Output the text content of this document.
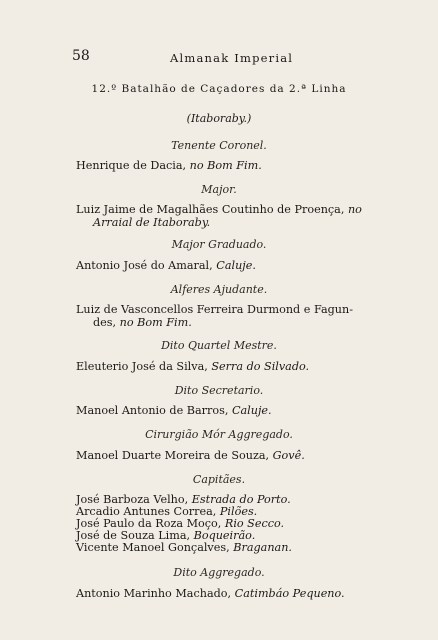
58	Almanak Imperial
12.º Batalhão de Caçadores da 2.ª Linha
(Itaboraby.)
Tenente Coronel.
Henrique de Dacia, no Bom Fim.
Major.
Luiz Jaime de Magalhães Coutinho de Proença, no
Arraial de Itaboraby.
Major Graduado.
Antonio José do Amaral, Caluje.
Alferes Ajudante.
Luiz de Vasconcellos Ferreira Durmond e Fagun-
des, no Bom Fim.
Dito Quartel Mestre.
Eleuterio José da Silva, Serra do Silvado.
Dito Secretario.
Manoel Antonio de Barros, Caluje.
Cirurgião Mór Aggregado.
Manoel Duarte Moreira de Souza, Govê.
Capitães.
José Barboza Velho, Estrada do Porto.
Arcadio Antunes Correa, Pilões.
José Paulo da Roza Moço, Rio Secco.
José de Souza Lima, Boqueirão.
Vicente Manoel Gonçalves, Braganan.
Dito Aggregado.
Antonio Marinho Machado, Catimbáo Pequeno.
